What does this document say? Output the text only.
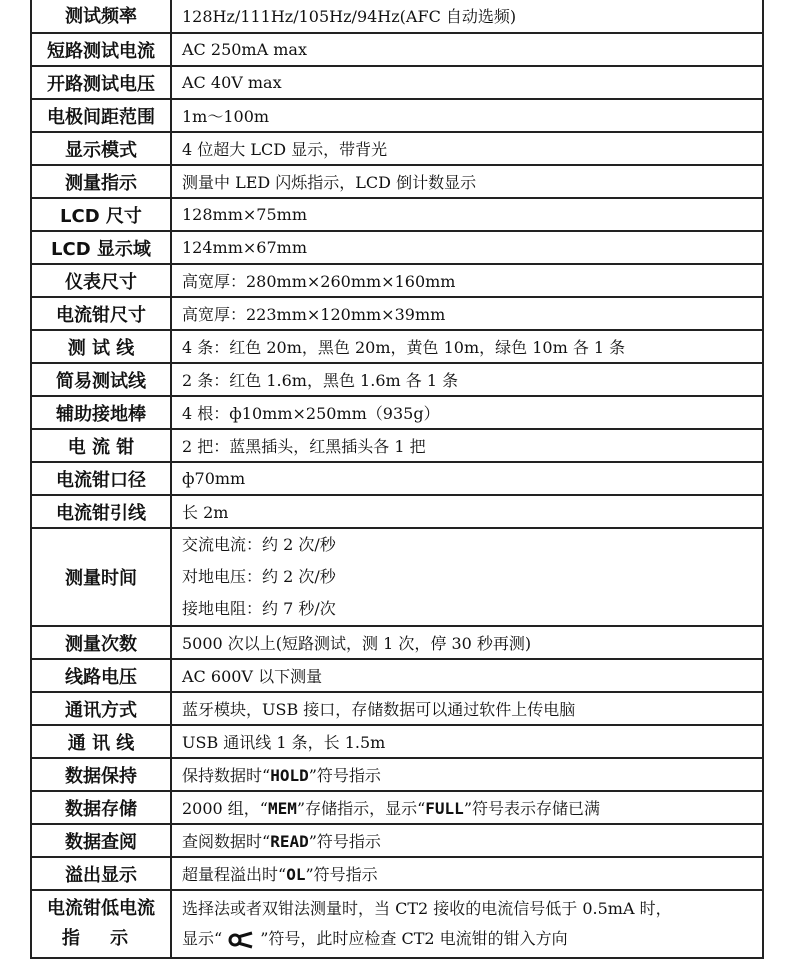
测试频率	128Hz/111Hz/105Hz/94Hz(AFC 自动选频)
短路测试电流	AC 250mA max
开路测试电压	AC 40V max
电极间距范围	1m～100m
显示模式	4 位超大 LCD 显示，带背光
测量指示	测量中 LED 闪烁指示，LCD 倒计数显示
LCD 尺寸	128mm×75mm
LCD 显示域	124mm×67mm
仪表尺寸	高宽厚：280mm×260mm×160mm
电流钳尺寸	高宽厚：223mm×120mm×39mm
测 试 线	4 条：红色 20m，黑色 20m，黄色 10m，绿色 10m 各 1 条
简易测试线	2 条：红色 1.6m，黑色 1.6m 各 1 条
辅助接地棒	4 根：ф10mm×250mm（935g）
电 流 钳	2 把：蓝黑插头，红黑插头各 1 把
电流钳口径	ф70mm
电流钳引线	长 2m
测量时间	交流电流：约 2 次/秒
对地电压：约 2 次/秒
接地电阻：约 7 秒/次

测量次数	5000 次以上(短路测试，测 1 次，停 30 秒再测)
线路电压	AC 600V 以下测量
通讯方式	蓝牙模块，USB 接口，存储数据可以通过软件上传电脑
通 讯 线	USB 通讯线 1 条，长 1.5m
数据保持	保持数据时“HOLD”符号指示
数据存储	2000 组，“MEM”存储指示，显示“FULL”符号表示存储已满
数据查阅	查阅数据时“READ”符号指示
溢出显示	超量程溢出时“OL”符号指示
电流钳低电流 指 示	选择法或者双钳法测量时，当 CT2 接收的电流信号低于 0.5mA 时，
显示“ ”符号，此时应检查 CT2 电流钳的钳入方向
